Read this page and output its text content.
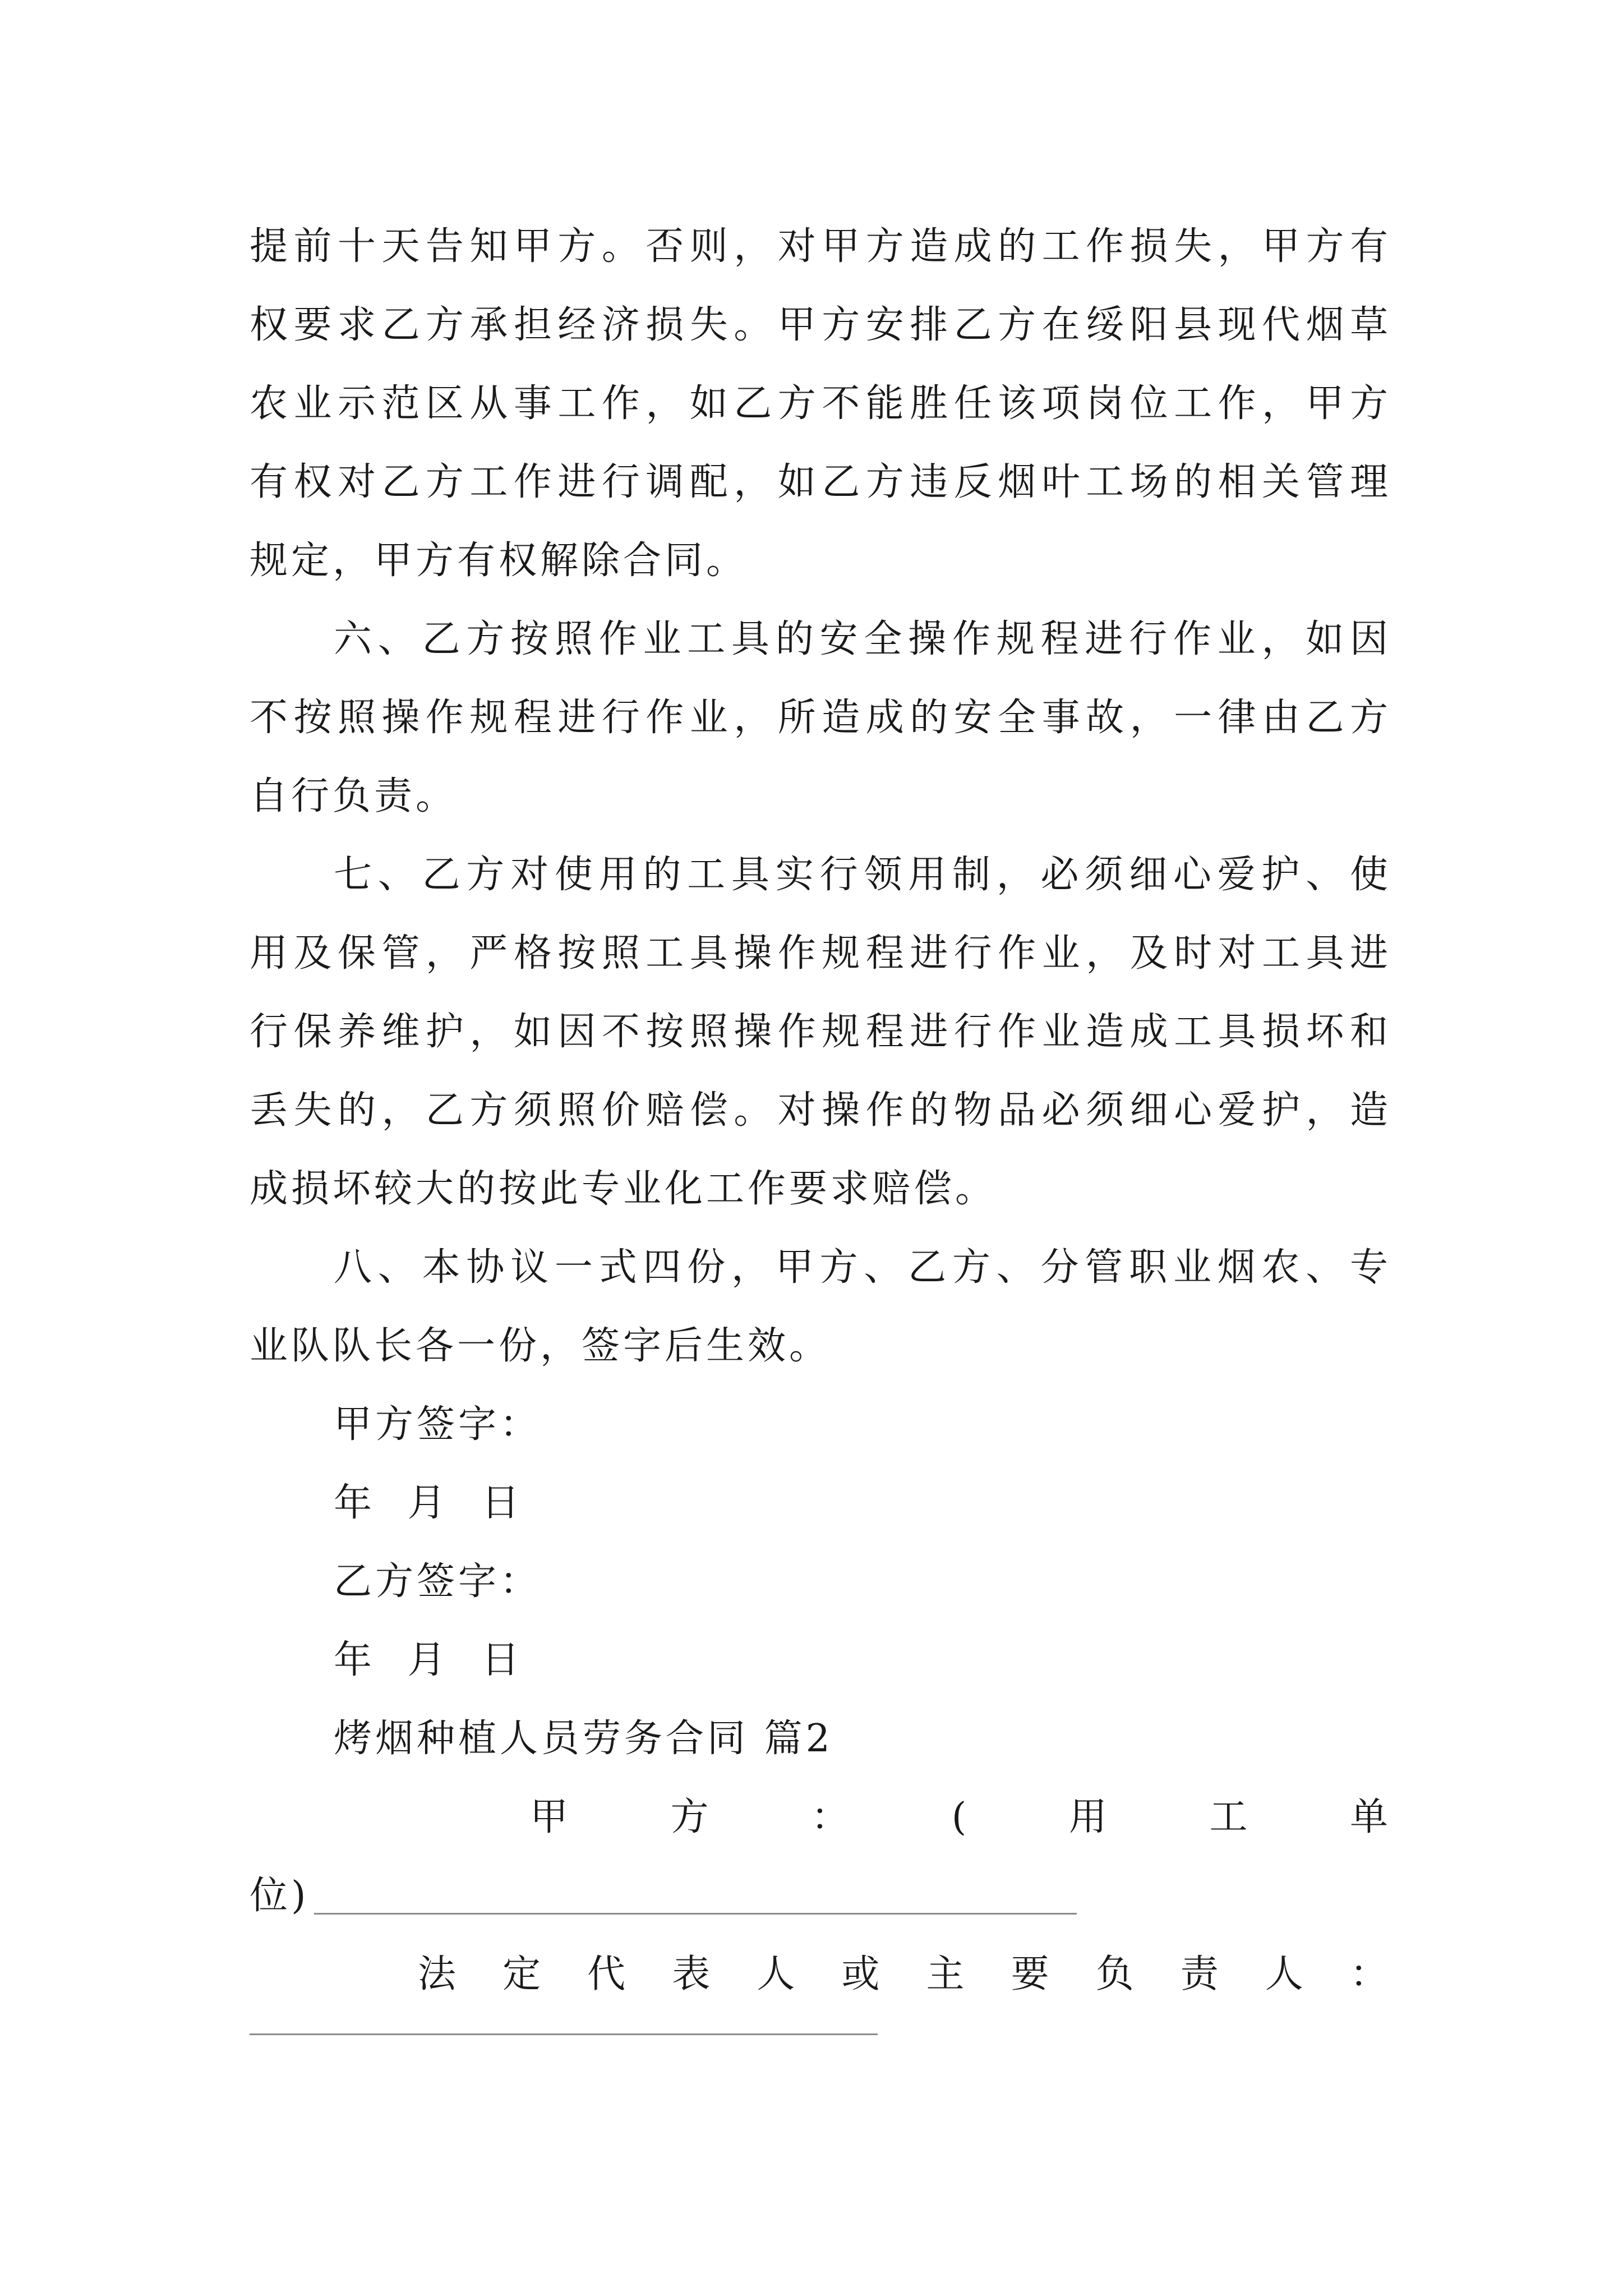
提前十天告知甲方。否则，对甲方造成的工作损失，甲方有
权要求乙方承担经济损失。甲方安排乙方在绥阳县现代烟草
农业示范区从事工作，如乙方不能胜任该项岗位工作，甲方
有权对乙方工作进行调配，如乙方违反烟叶工场的相关管理
规定，甲方有权解除合同。
六、乙方按照作业工具的安全操作规程进行作业，如因
不按照操作规程进行作业，所造成的安全事故，一律由乙方
自行负责。
七、乙方对使用的工具实行领用制，必须细心爱护、使
用及保管，严格按照工具操作规程进行作业，及时对工具进
行保养维护，如因不按照操作规程进行作业造成工具损坏和
丢失的，乙方须照价赔偿。对操作的物品必须细心爱护，造
成损坏较大的按此专业化工作要求赔偿。
八、本协议一式四份，甲方、乙方、分管职业烟农、专
业队队长各一份，签字后生效。
甲方签字：
年 月 日
乙方签字：
年 月 日
烤烟种植人员劳务合同 篇2
甲方：(用工单
位)
法定代表人或主要负责人：
